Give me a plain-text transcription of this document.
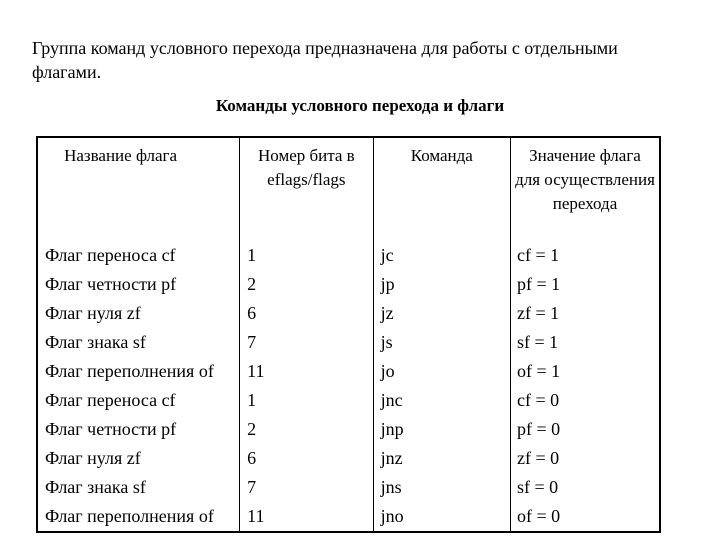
Группа команд условного перехода предназначена для работы с отдельными флагами.

Команды условного перехода и флаги

Название флага	Номер бита в eflags/flags	Команда	Значение флага для осуществления перехода
Флаг переноса cf	1	jc	cf = 1
Флаг четности pf	2	jp	pf = 1
Флаг нуля zf	6	jz	zf = 1
Флаг знака sf	7	js	sf = 1
Флаг переполнения of	11	jo	of = 1
Флаг переноса cf	1	jnc	cf = 0
Флаг четности pf	2	jnp	pf = 0
Флаг нуля zf	6	jnz	zf = 0
Флаг знака sf	7	jns	sf = 0
Флаг переполнения of	11	jno	of = 0
